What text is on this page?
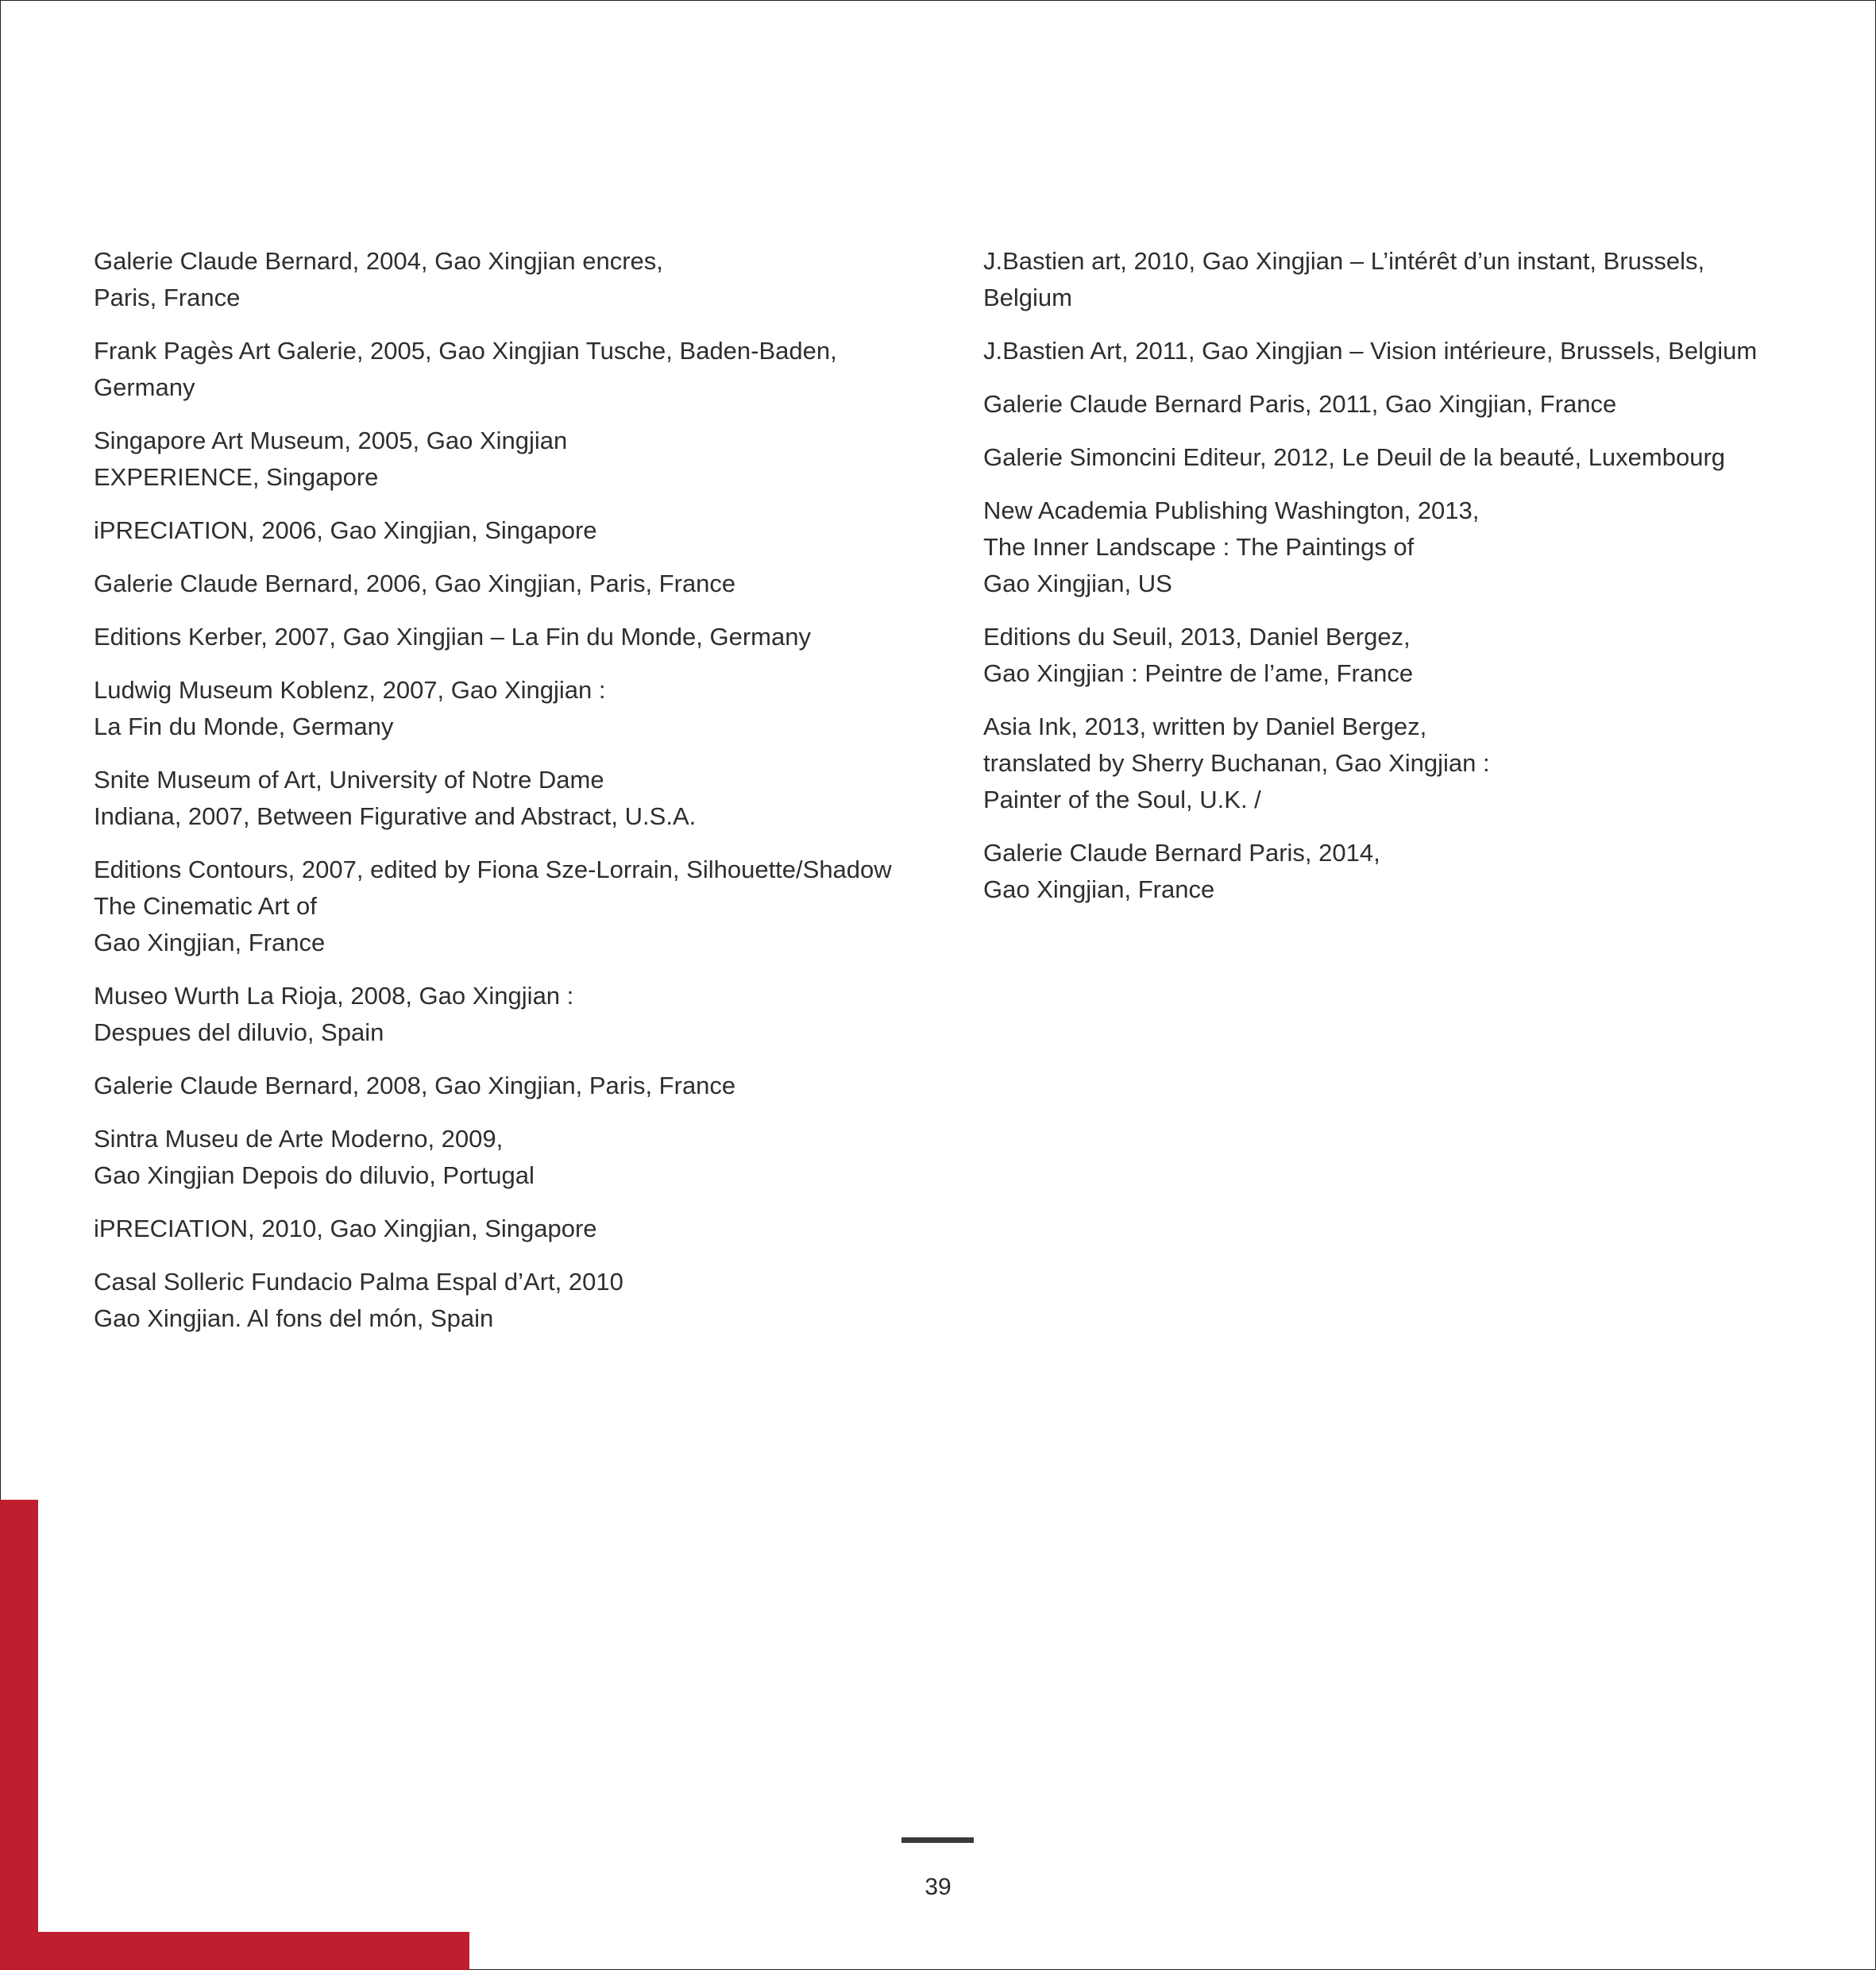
Galerie Claude Bernard, 2004, Gao Xingjian encres,
Paris, France
Frank Pagès Art Galerie, 2005, Gao Xingjian Tusche, Baden-Baden,
Germany
Singapore Art Museum, 2005, Gao Xingjian
EXPERIENCE, Singapore
iPRECIATION, 2006, Gao Xingjian, Singapore
Galerie Claude Bernard, 2006, Gao Xingjian, Paris, France
Editions Kerber, 2007, Gao Xingjian – La Fin du Monde, Germany
Ludwig Museum Koblenz, 2007, Gao Xingjian :
La Fin du Monde, Germany
Snite Museum of Art, University of Notre Dame
Indiana, 2007, Between Figurative and Abstract, U.S.A.
Editions Contours, 2007, edited by Fiona Sze-Lorrain, Silhouette/Shadow
The Cinematic Art of
Gao Xingjian, France
Museo Wurth La Rioja, 2008, Gao Xingjian :
Despues del diluvio, Spain
Galerie Claude Bernard, 2008, Gao Xingjian, Paris, France
Sintra Museu de Arte Moderno, 2009,
Gao Xingjian Depois do diluvio, Portugal
iPRECIATION, 2010, Gao Xingjian, Singapore
Casal Solleric Fundacio Palma Espal d’Art, 2010
Gao Xingjian. Al fons del món, Spain
J.Bastien art, 2010, Gao Xingjian – L’intérêt d’un instant, Brussels,
Belgium
J.Bastien Art, 2011, Gao Xingjian – Vision intérieure, Brussels, Belgium
Galerie Claude Bernard Paris, 2011, Gao Xingjian, France
Galerie Simoncini Editeur, 2012, Le Deuil de la beauté, Luxembourg
New Academia Publishing Washington, 2013,
The Inner Landscape : The Paintings of
Gao Xingjian, US
Editions du Seuil, 2013, Daniel Bergez,
Gao Xingjian : Peintre de l’ame, France
Asia Ink, 2013, written by Daniel Bergez,
translated by Sherry Buchanan, Gao Xingjian :
Painter of the Soul, U.K. /
Galerie Claude Bernard Paris, 2014,
Gao Xingjian, France
39
